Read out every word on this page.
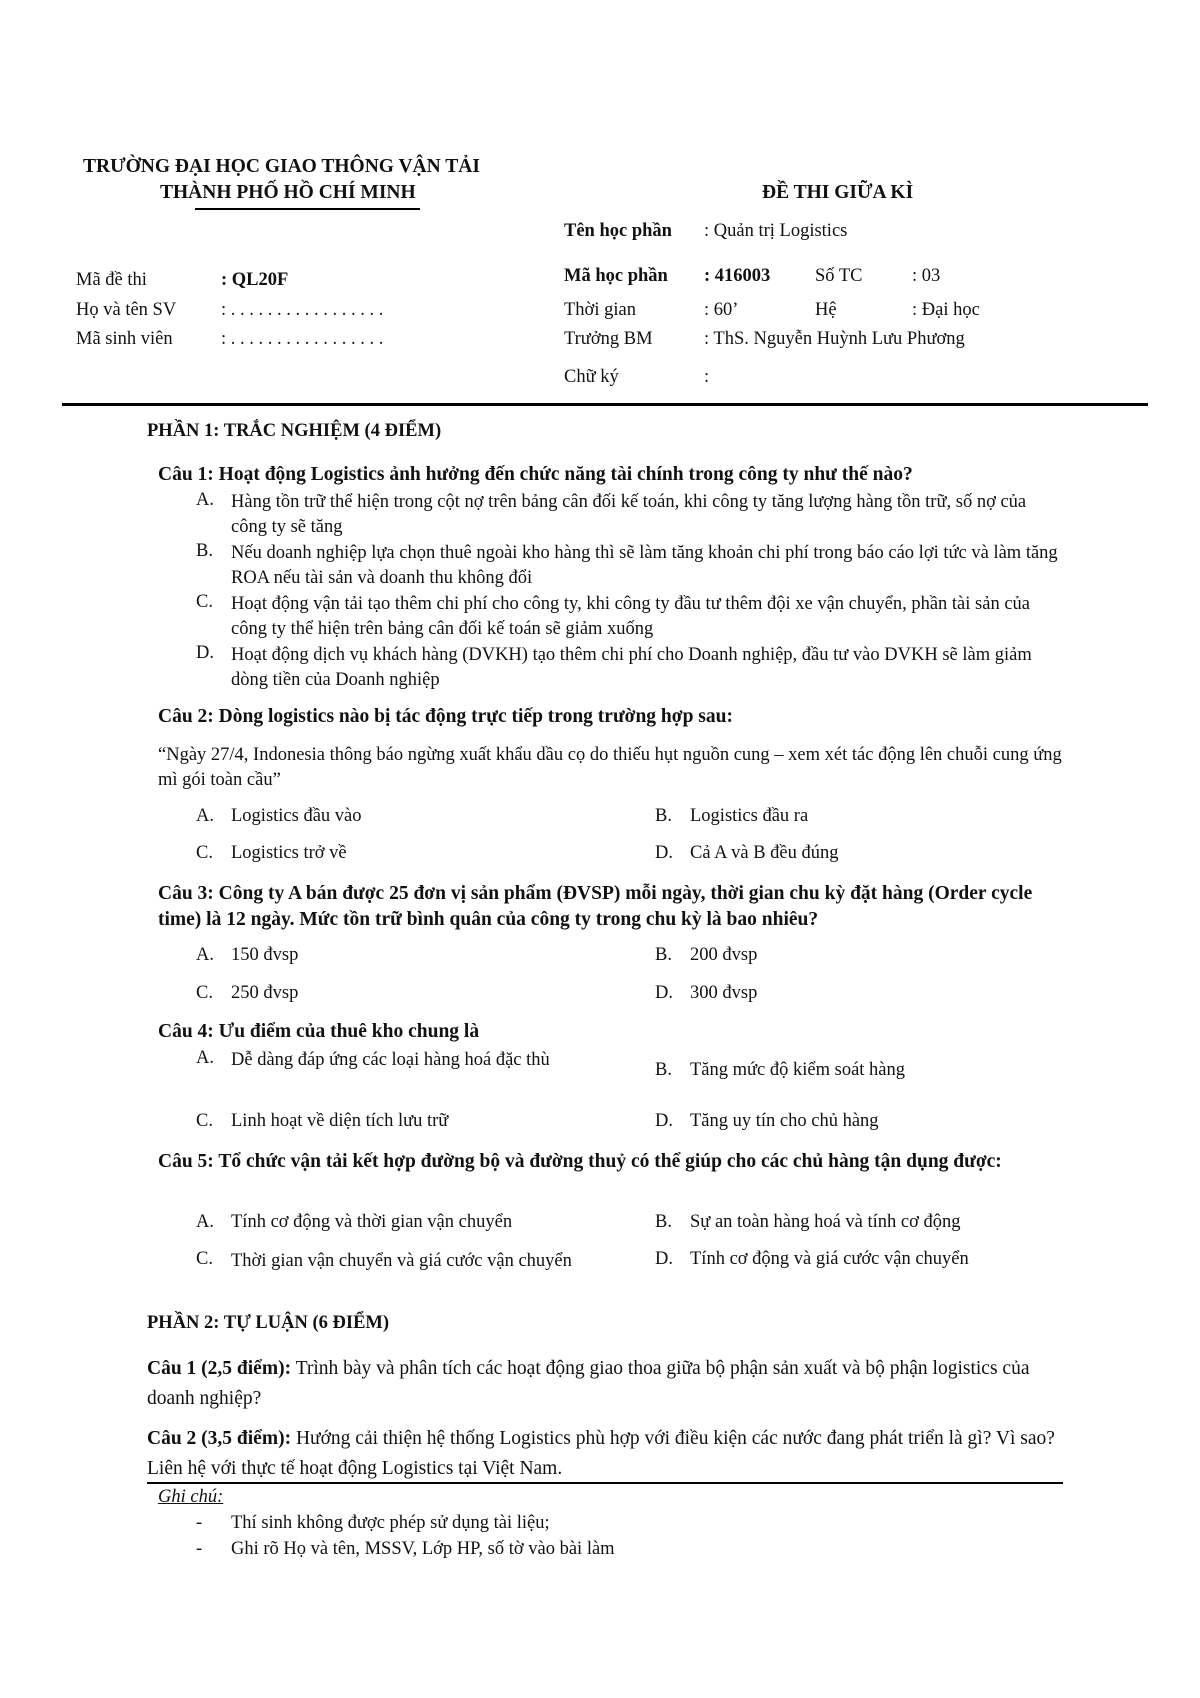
TRƯỜNG ĐẠI HỌC GIAO THÔNG VẬN TẢI
THÀNH PHỐ HỒ CHÍ MINH	ĐỀ THI GIỮA KÌ
Mã đề thi	: QL20F
Họ và tên SV : . . . . . . . . . . . . . . . . .
Mã sinh viên	: . . . . . . . . . . . . . . . . .
Tên học phần : Quản trị Logistics
Mã học phần : 416003 Số TC	: 03
Thời gian	: 60’	Hệ	: Đại học
Trưởng BM	: ThS. Nguyễn Huỳnh Lưu Phương
Chữ ký	:
PHẦN 1: TRẮC NGHIỆM (4 ĐIỂM)
Câu 1: Hoạt động Logistics ảnh hưởng đến chức năng tài chính trong công ty như thế nào?
A. Hàng tồn trữ thể hiện trong cột nợ trên bảng cân đối kế toán, khi công ty tăng lượng hàng tồn trữ, số nợ của công ty sẽ tăng
B. Nếu doanh nghiệp lựa chọn thuê ngoài kho hàng thì sẽ làm tăng khoản chi phí trong báo cáo lợi tức và làm tăng ROA nếu tài sản và doanh thu không đổi
C. Hoạt động vận tải tạo thêm chi phí cho công ty, khi công ty đầu tư thêm đội xe vận chuyển, phần tài sản của công ty thể hiện trên bảng cân đối kế toán sẽ giảm xuống
D. Hoạt động dịch vụ khách hàng (DVKH) tạo thêm chi phí cho Doanh nghiệp, đầu tư vào DVKH sẽ làm giảm dòng tiền của Doanh nghiệp
Câu 2: Dòng logistics nào bị tác động trực tiếp trong trường hợp sau:
“Ngày 27/4, Indonesia thông báo ngừng xuất khẩu dầu cọ do thiếu hụt nguồn cung – xem xét tác động lên chuỗi cung ứng mì gói toàn cầu”
A. Logistics đầu vào	B. Logistics đầu ra
C. Logistics trở về	D. Cả A và B đều đúng
Câu 3: Công ty A bán được 25 đơn vị sản phẩm (ĐVSP) mỗi ngày, thời gian chu kỳ đặt hàng (Order cycle time) là 12 ngày. Mức tồn trữ bình quân của công ty trong chu kỳ là bao nhiêu?
A. 150 đvsp	B. 200 đvsp
C. 250 đvsp	D. 300 đvsp
Câu 4: Ưu điểm của thuê kho chung là
A. Dễ dàng đáp ứng các loại hàng hoá đặc thù	B. Tăng mức độ kiểm soát hàng
C. Linh hoạt về diện tích lưu trữ	D. Tăng uy tín cho chủ hàng
Câu 5: Tổ chức vận tải kết hợp đường bộ và đường thuỷ có thể giúp cho các chủ hàng tận dụng được:
A. Tính cơ động và thời gian vận chuyển	B. Sự an toàn hàng hoá và tính cơ động
C. Thời gian vận chuyển và giá cước vận chuyển	D. Tính cơ động và giá cước vận chuyển
PHẦN 2: TỰ LUẬN (6 ĐIỂM)
Câu 1 (2,5 điểm): Trình bày và phân tích các hoạt động giao thoa giữa bộ phận sản xuất và bộ phận logistics của doanh nghiệp?
Câu 2 (3,5 điểm): Hướng cải thiện hệ thống Logistics phù hợp với điều kiện các nước đang phát triển là gì? Vì sao? Liên hệ với thực tế hoạt động Logistics tại Việt Nam.
Ghi chú:
- Thí sinh không được phép sử dụng tài liệu;
- Ghi rõ Họ và tên, MSSV, Lớp HP, số tờ vào bài làm
